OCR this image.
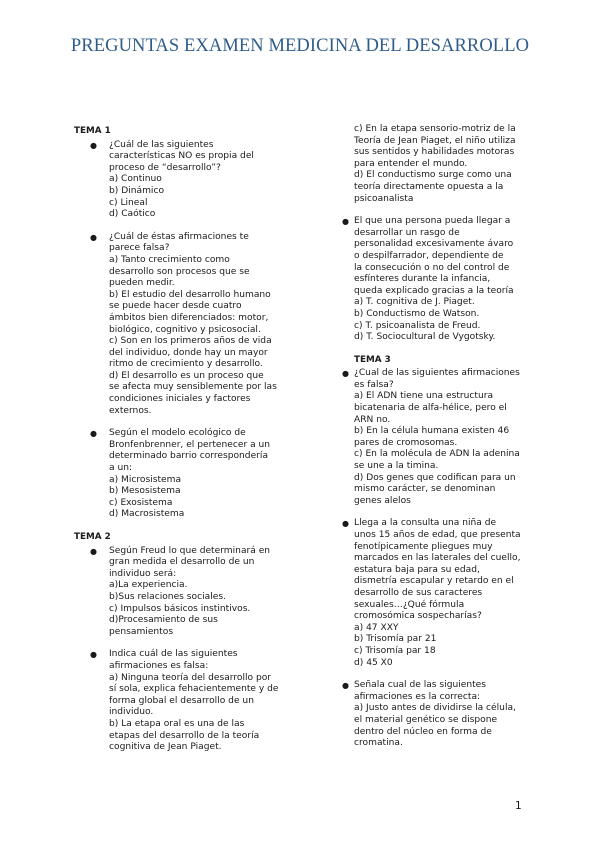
PREGUNTAS EXAMEN MEDICINA DEL DESARROLLO
TEMA 1
● ¿Cuál de las siguientes
características NO es propia del
proceso de “desarrollo”?
a) Continuo
b) Dinámico
c) Lineal
d) Caótico
● ¿Cuál de éstas afirmaciones te
parece falsa?
a) Tanto crecimiento como
desarrollo son procesos que se
pueden medir.
b) El estudio del desarrollo humano
se puede hacer desde cuatro
ámbitos bien diferenciados: motor,
biológico, cognitivo y psicosocial.
c) Son en los primeros años de vida
del individuo, donde hay un mayor
ritmo de crecimiento y desarrollo.
d) El desarrollo es un proceso que
se afecta muy sensiblemente por las
condiciones iniciales y factores
externos.
● Según el modelo ecológico de
Bronfenbrenner, el pertenecer a un
determinado barrio correspondería
a un:
a) Microsistema
b) Mesosistema
c) Exosistema
d) Macrosistema
TEMA 2
● Según Freud lo que determinará en
gran medida el desarrollo de un
individuo será:
a)La experiencia.
b)Sus relaciones sociales.
c) Impulsos básicos instintivos.
d)Procesamiento de sus
pensamientos
● Indica cuál de las siguientes
afirmaciones es falsa:
a) Ninguna teoría del desarrollo por
sí sola, explica fehacientemente y de
forma global el desarrollo de un
individuo.
b) La etapa oral es una de las
etapas del desarrollo de la teoría
cognitiva de Jean Piaget.
c) En la etapa sensorio-motriz de la
Teoría de Jean Piaget, el niño utiliza
sus sentidos y habilidades motoras
para entender el mundo.
d) El conductismo surge como una
teoría directamente opuesta a la
psicoanalista
● El que una persona pueda llegar a
desarrollar un rasgo de
personalidad excesivamente ávaro
o despilfarrador, dependiente de
la consecución o no del control de
esfínteres durante la infancia,
queda explicado gracias a la teoría
a) T. cognitiva de J. Piaget.
b) Conductismo de Watson.
c) T. psicoanalista de Freud.
d) T. Sociocultural de Vygotsky.
TEMA 3
● ¿Cual de las siguientes afirmaciones
es falsa?
a) El ADN tiene una estructura
bicatenaria de alfa-hélice, pero el
ARN no.
b) En la célula humana existen 46
pares de cromosomas.
c) En la molécula de ADN la adenina
se une a la timina.
d) Dos genes que codifican para un
mismo carácter, se denominan
genes alelos
● Llega a la consulta una niña de
unos 15 años de edad, que presenta
fenotípicamente pliegues muy
marcados en las laterales del cuello,
estatura baja para su edad,
dismetría escapular y retardo en el
desarrollo de sus caracteres
sexuales…¿Qué fórmula
cromosómica sospecharías?
a) 47 XXY
b) Trisomía par 21
c) Trisomía par 18
d) 45 X0
● Señala cual de las siguientes
afirmaciones es la correcta:
a) Justo antes de dividirse la célula,
el material genético se dispone
dentro del núcleo en forma de
cromatina.
1
